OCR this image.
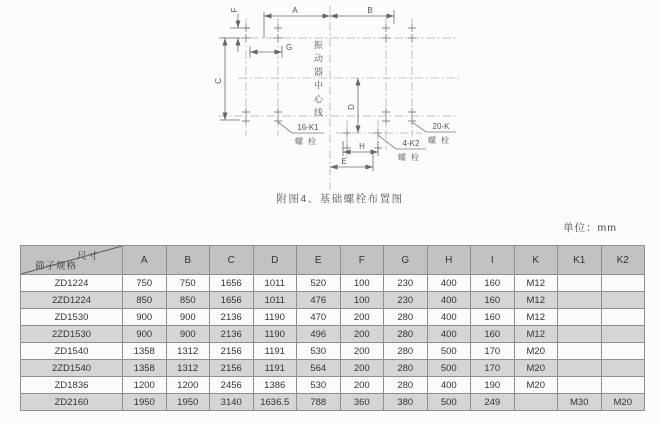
A	B
C
D
E
F
G
H
16-K1
螺栓	4-K2
螺栓
20-K
螺栓
振动器中心线
附图4、基础螺栓布置图
单位：mm
尺寸
筛子规格	A	B	C	D	E	F	G	H	I	K	K1	K2
ZD1224	750	750	1656	1011	520	100	230	400	160	M12		
2ZD1224	850	850	1656	1011	476	100	230	400	160	M12		
ZD1530	900	900	2136	1190	470	200	280	400	160	M12		
2ZD1530	900	900	2136	1190	496	200	280	400	160	M12		
ZD1540	1358	1312	2156	1191	530	200	280	500	170	M20		
2ZD1540	1358	1312	2156	1191	564	200	280	500	170	M20		
ZD1836	1200	1200	2456	1386	530	200	280	400	190	M20		
ZD2160	1950	1950	3140	1636.5	788	360	380	500	249		M30	M20
